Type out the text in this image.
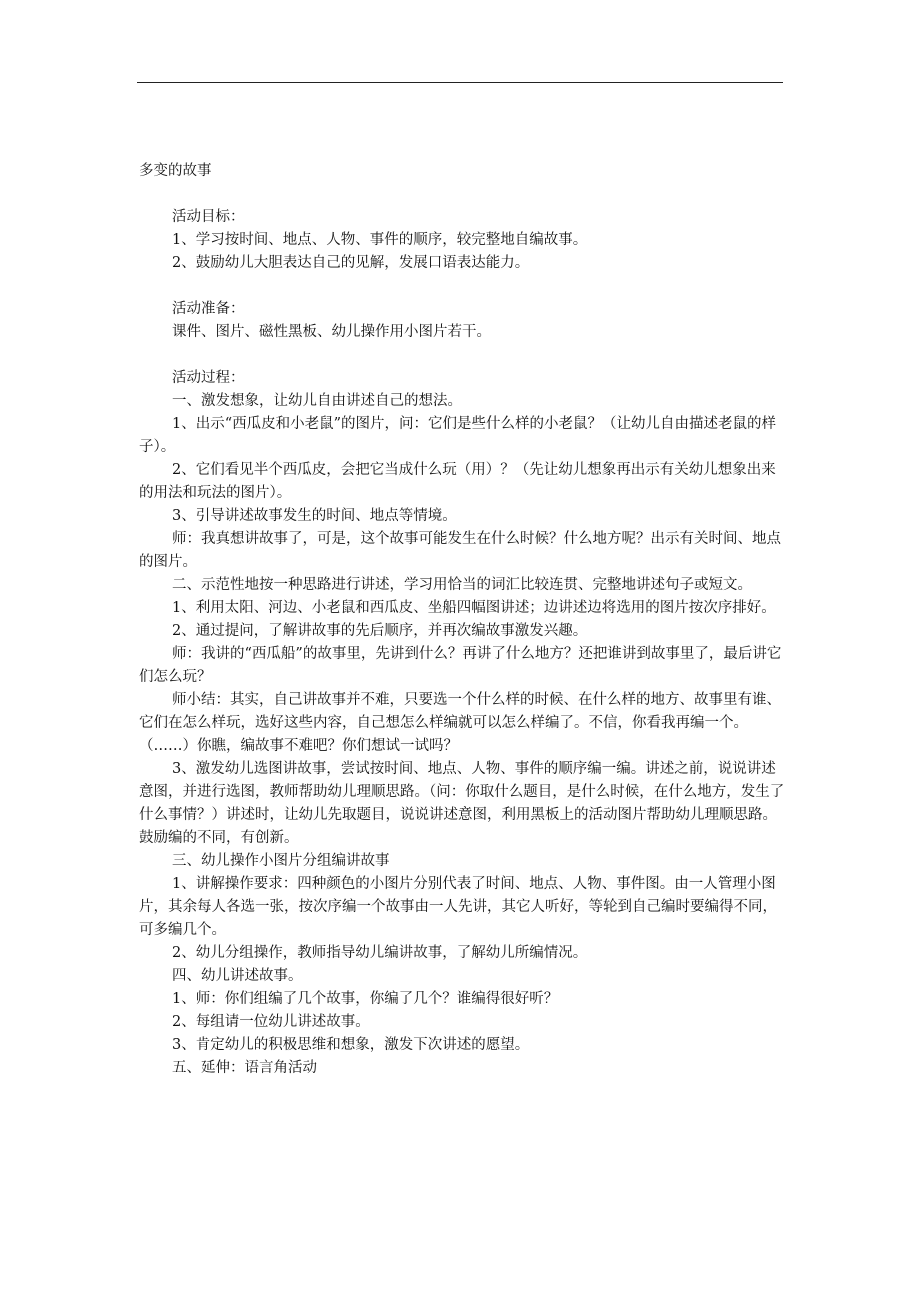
多变的故事

活动目标：

1、学习按时间、地点、人物、事件的顺序，较完整地自编故事。

2、鼓励幼儿大胆表达自己的见解，发展口语表达能力。

活动准备：

课件、图片、磁性黑板、幼儿操作用小图片若干。

活动过程：

一、激发想象，让幼儿自由讲述自己的想法。

1、出示“西瓜皮和小老鼠”的图片，问：它们是些什么样的小老鼠？（让幼儿自由描述老鼠的样子）。

2、它们看见半个西瓜皮，会把它当成什么玩（用）？（先让幼儿想象再出示有关幼儿想象出来的用法和玩法的图片）。

3、引导讲述故事发生的时间、地点等情境。

师：我真想讲故事了，可是，这个故事可能发生在什么时候？什么地方呢？出示有关时间、地点的图片。

二、示范性地按一种思路进行讲述，学习用恰当的词汇比较连贯、完整地讲述句子或短文。

1、利用太阳、河边、小老鼠和西瓜皮、坐船四幅图讲述；边讲述边将选用的图片按次序排好。

2、通过提问，了解讲故事的先后顺序，并再次编故事激发兴趣。

师：我讲的“西瓜船”的故事里，先讲到什么？再讲了什么地方？还把谁讲到故事里了，最后讲它们怎么玩？

师小结：其实，自己讲故事并不难，只要选一个什么样的时候、在什么样的地方、故事里有谁、它们在怎么样玩，选好这些内容，自己想怎么样编就可以怎么样编了。不信，你看我再编一个。（……）你瞧，编故事不难吧？你们想试一试吗？

3、激发幼儿选图讲故事，尝试按时间、地点、人物、事件的顺序编一编。讲述之前，说说讲述意图，并进行选图，教师帮助幼儿理顺思路。（问：你取什么题目，是什么时候，在什么地方，发生了什么事情？）讲述时，让幼儿先取题目，说说讲述意图，利用黑板上的活动图片帮助幼儿理顺思路。鼓励编的不同，有创新。

三、幼儿操作小图片分组编讲故事

1、讲解操作要求：四种颜色的小图片分别代表了时间、地点、人物、事件图。由一人管理小图片，其余每人各选一张，按次序编一个故事由一人先讲，其它人听好，等轮到自己编时要编得不同，可多编几个。

2、幼儿分组操作，教师指导幼儿编讲故事，了解幼儿所编情况。

四、幼儿讲述故事。

1、师：你们组编了几个故事，你编了几个？谁编得很好听？

2、每组请一位幼儿讲述故事。

3、肯定幼儿的积极思维和想象，激发下次讲述的愿望。

五、延伸：语言角活动
